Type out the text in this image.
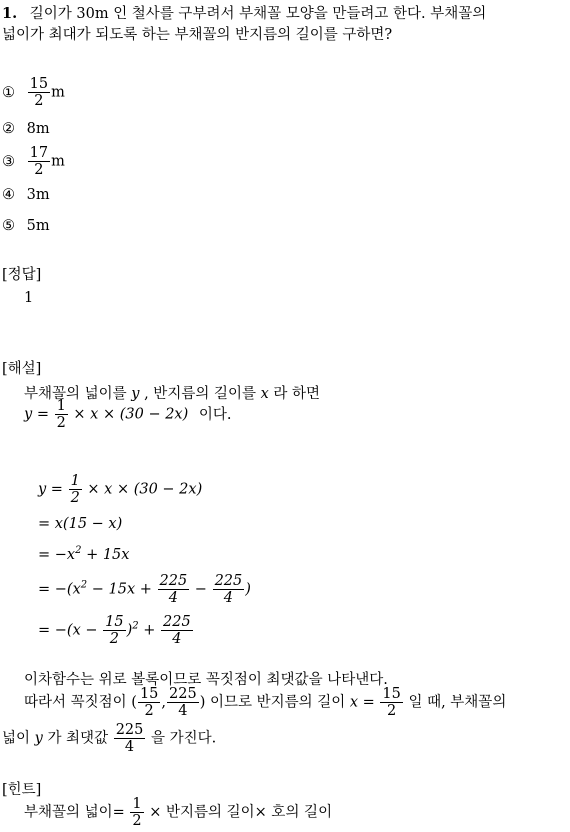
1. 길이가 30m 인 철사를 구부려서 부채꼴 모양을 만들려고 한다. 부채꼴의
넓이가 최대가 되도록 하는 부채꼴의 반지름의 길이를 구하면?
① $\frac{15}{2}$ m
② 8m
③ $\frac{17}{2}$ m
④ 3m
⑤ 5m
[정답]
1
[해설]
부채꼴의 넓이를 y , 반지름의 길이를 x 라 하면
$y = \frac{1}{2} \times x \times (30 - 2x)$ 이다.
$y = \frac{1}{2} \times x \times (30 - 2x)$
= x(15 − x)
= $-x^2 + 15x$
= $-(x^2 - 15x + \frac{225}{4} - \frac{225}{4}$ )
= $-(x - \frac{15}{2} )^2 + \frac{225}{4}$
이차함수는 위로 볼록이므로 꼭짓점이 최댓값을 나타낸다.
따라서 꼭짓점이 ( $\frac{15}{2}$ , $\frac{225}{4}$ ) 이므로 반지름의 길이 $x = \frac{15}{2}$ 일 때, 부채꼴의
넓이 y 가 최댓값 $\frac{225}{4}$ 을 가진다.
[힌트]
부채꼴의 넓이= $\frac{1}{2}$ × 반지름의 길이× 호의 길이
